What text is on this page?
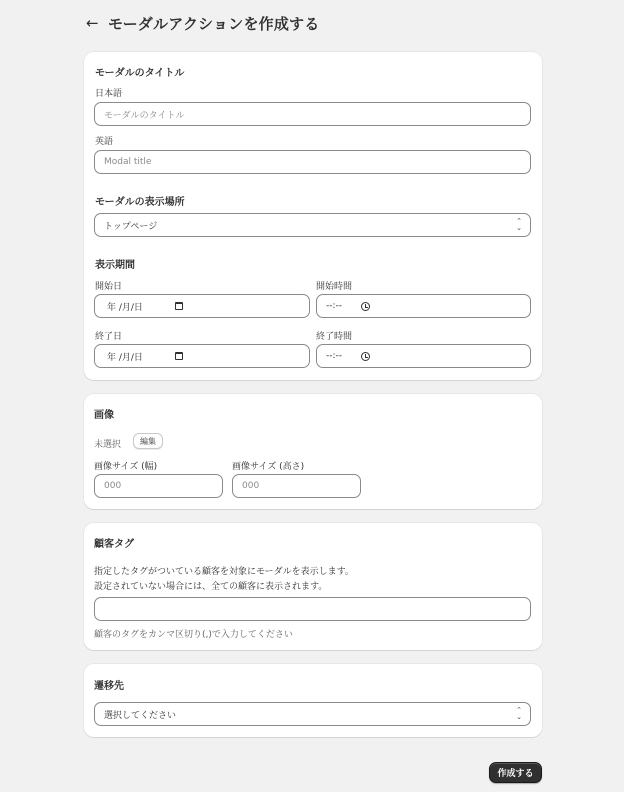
← モーダルアクションを作成する
モーダルのタイトル
日本語
モーダルのタイトル
英語
Modal title
モーダルの表示場所
トップページ
⌃
⌄
表示期間
開始日
年 /月/日
開始時間
--:--
終了日
年 /月/日
終了時間
--:--
画像
未選択	編集
画像サイズ (幅)
000
画像サイズ (高さ)
000
顧客タグ
指定したタグがついている顧客を対象にモーダルを表示します。
設定されていない場合には、全ての顧客に表示されます。
顧客のタグをカンマ区切り(,)で入力してください
遷移先
選択してください
⌃
⌄
作成する
